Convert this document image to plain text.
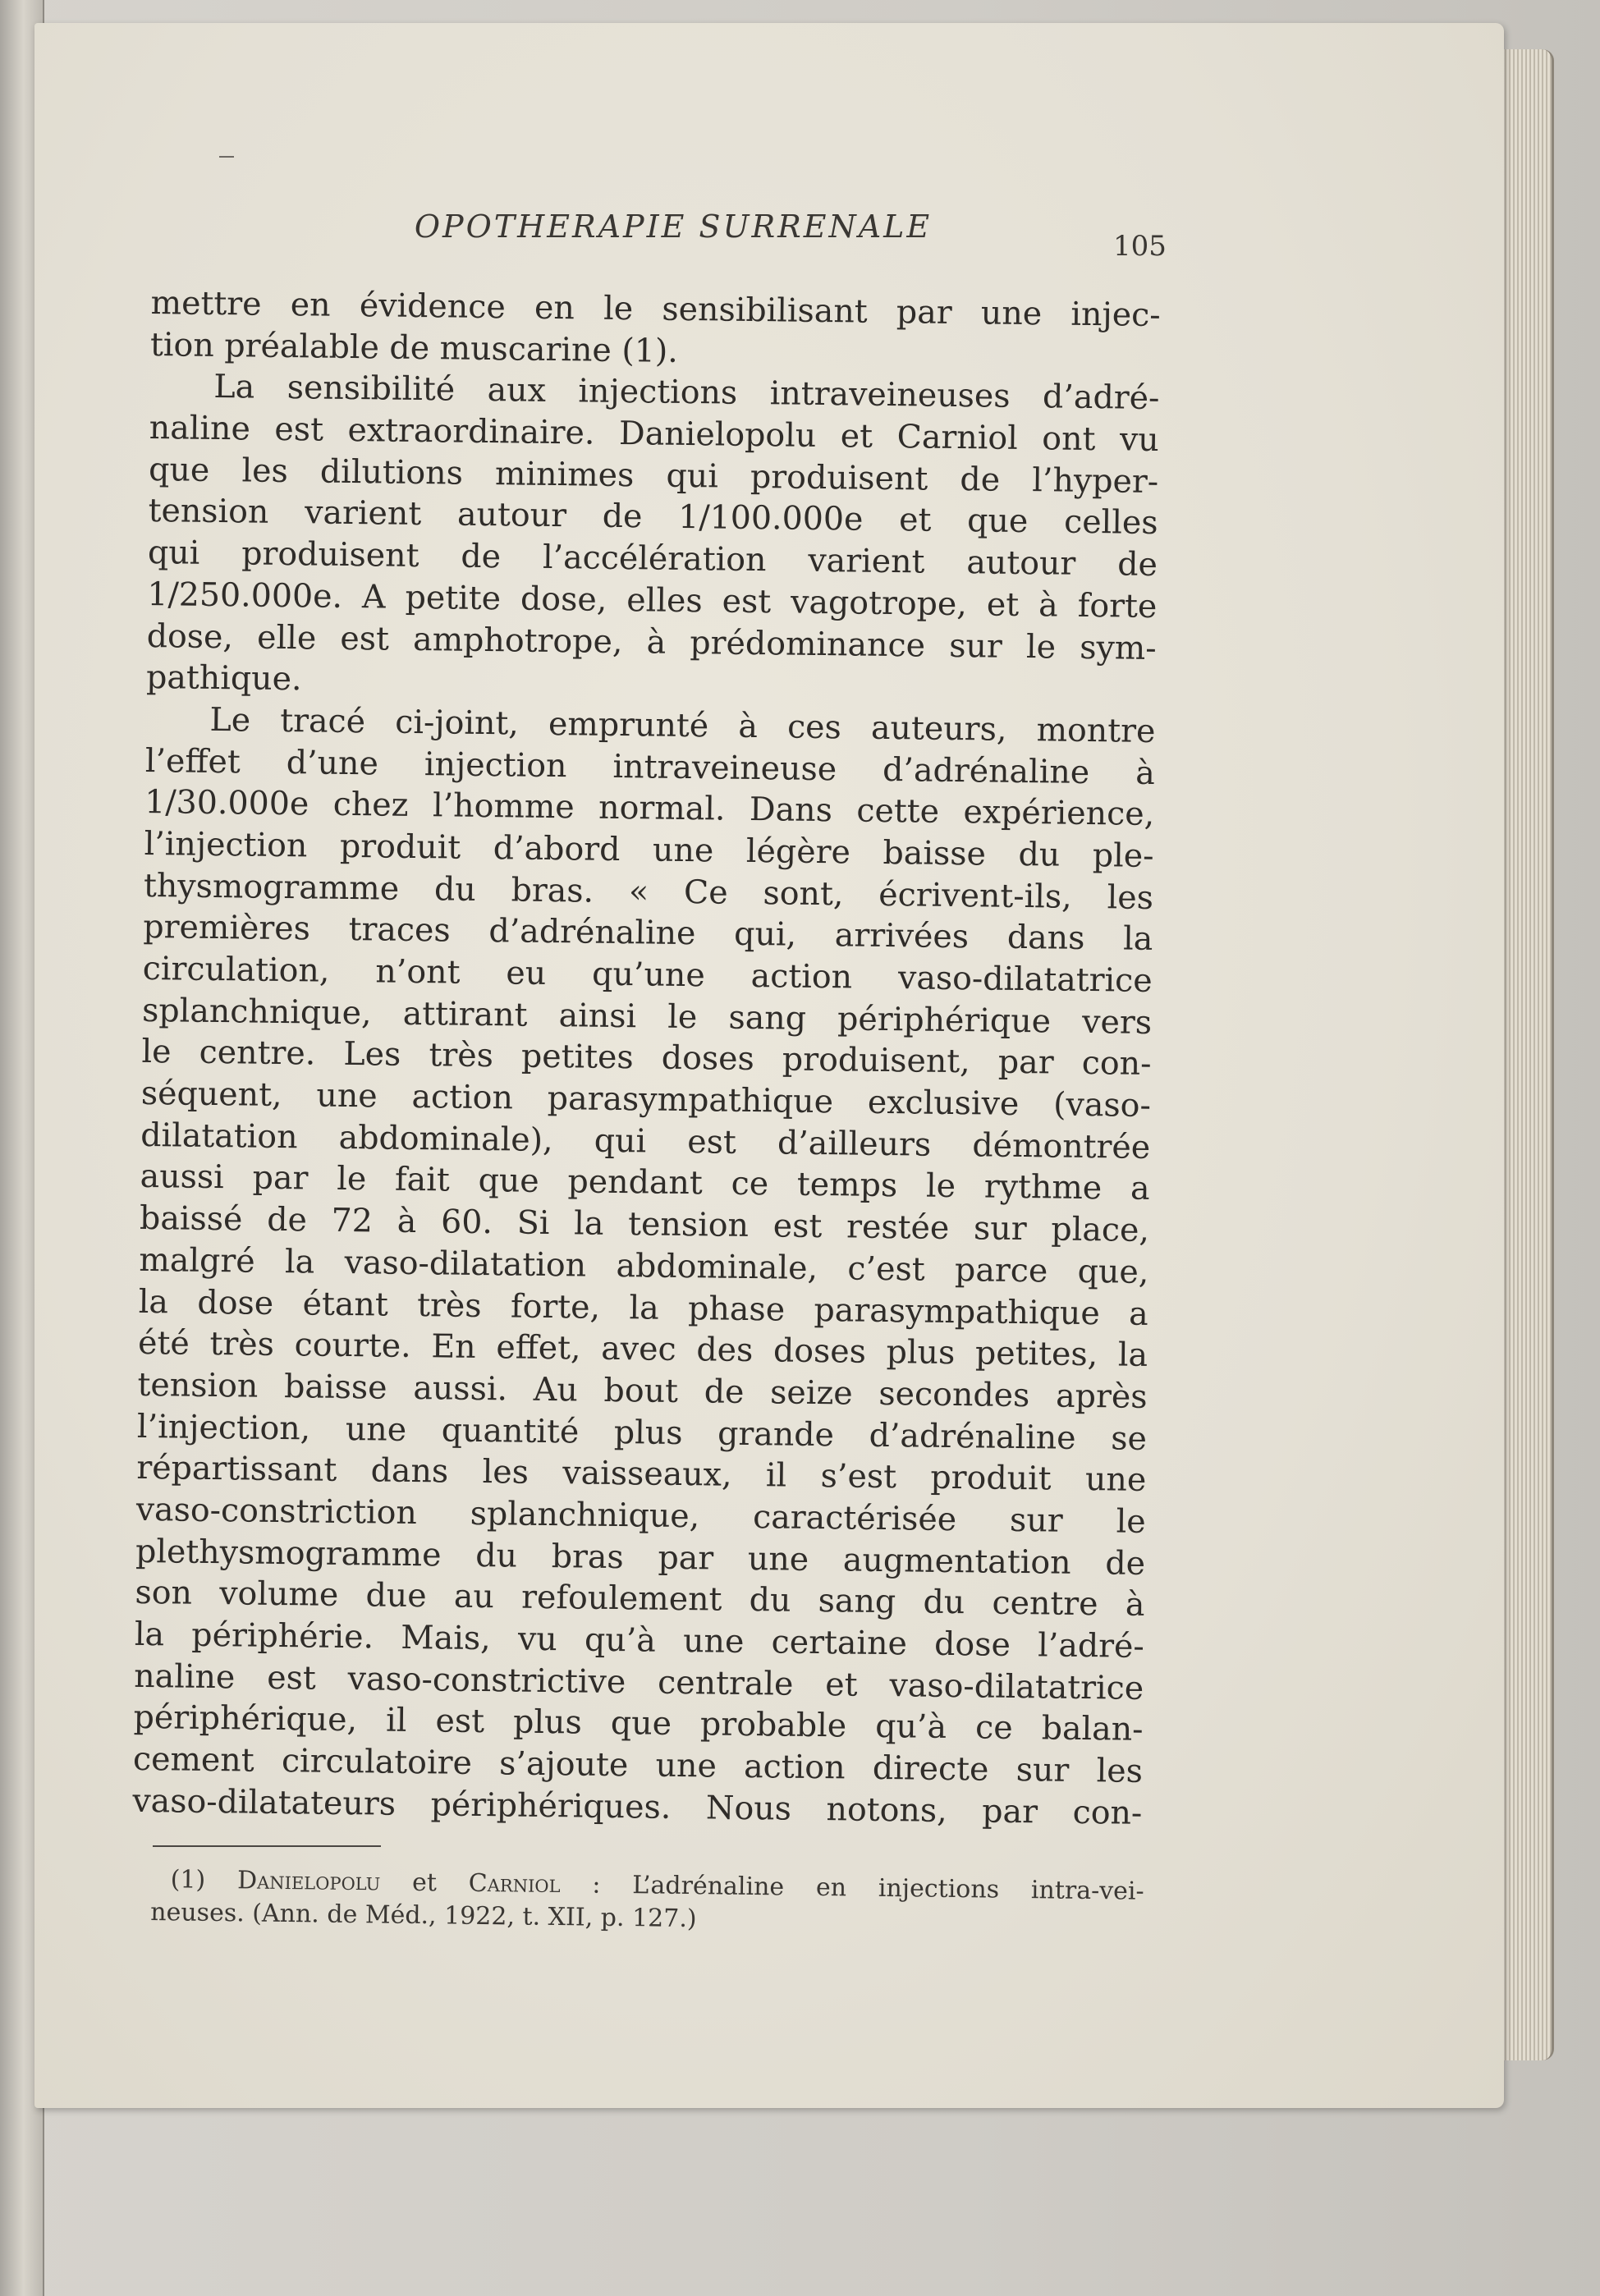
OPOTHERAPIE SURRENALE
105
mettre en évidence en le sensibilisant par une injec-
tion préalable de muscarine (1).
La sensibilité aux injections intraveineuses d’adré-
naline est extraordinaire. Danielopolu et Carniol ont vu
que les dilutions minimes qui produisent de l’hyper-
tension varient autour de 1/100.000e et que celles
qui produisent de l’accélération varient autour de
1/250.000e. A petite dose, elles est vagotrope, et à forte
dose, elle est amphotrope, à prédominance sur le sym-
pathique.
Le tracé ci-joint, emprunté à ces auteurs, montre
l’effet d’une injection intraveineuse d’adrénaline à
1/30.000e chez l’homme normal. Dans cette expérience,
l’injection produit d’abord une légère baisse du ple-
thysmogramme du bras. « Ce sont, écrivent-ils, les
premières traces d’adrénaline qui, arrivées dans la
circulation, n’ont eu qu’une action vaso-dilatatrice
splanchnique, attirant ainsi le sang périphérique vers
le centre. Les très petites doses produisent, par con-
séquent, une action parasympathique exclusive (vaso-
dilatation abdominale), qui est d’ailleurs démontrée
aussi par le fait que pendant ce temps le rythme a
baissé de 72 à 60. Si la tension est restée sur place,
malgré la vaso-dilatation abdominale, c’est parce que,
la dose étant très forte, la phase parasympathique a
été très courte. En effet, avec des doses plus petites, la
tension baisse aussi. Au bout de seize secondes après
l’injection, une quantité plus grande d’adrénaline se
répartissant dans les vaisseaux, il s’est produit une
vaso-constriction splanchnique, caractérisée sur le
plethysmogramme du bras par une augmentation de
son volume due au refoulement du sang du centre à
la périphérie. Mais, vu qu’à une certaine dose l’adré-
naline est vaso-constrictive centrale et vaso-dilatatrice
périphérique, il est plus que probable qu’à ce balan-
cement circulatoire s’ajoute une action directe sur les
vaso-dilatateurs périphériques. Nous notons, par con-
(1) Danielopolu et Carniol : L’adrénaline en injections intra-vei-
neuses. (Ann. de Méd., 1922, t. XII, p. 127.)
